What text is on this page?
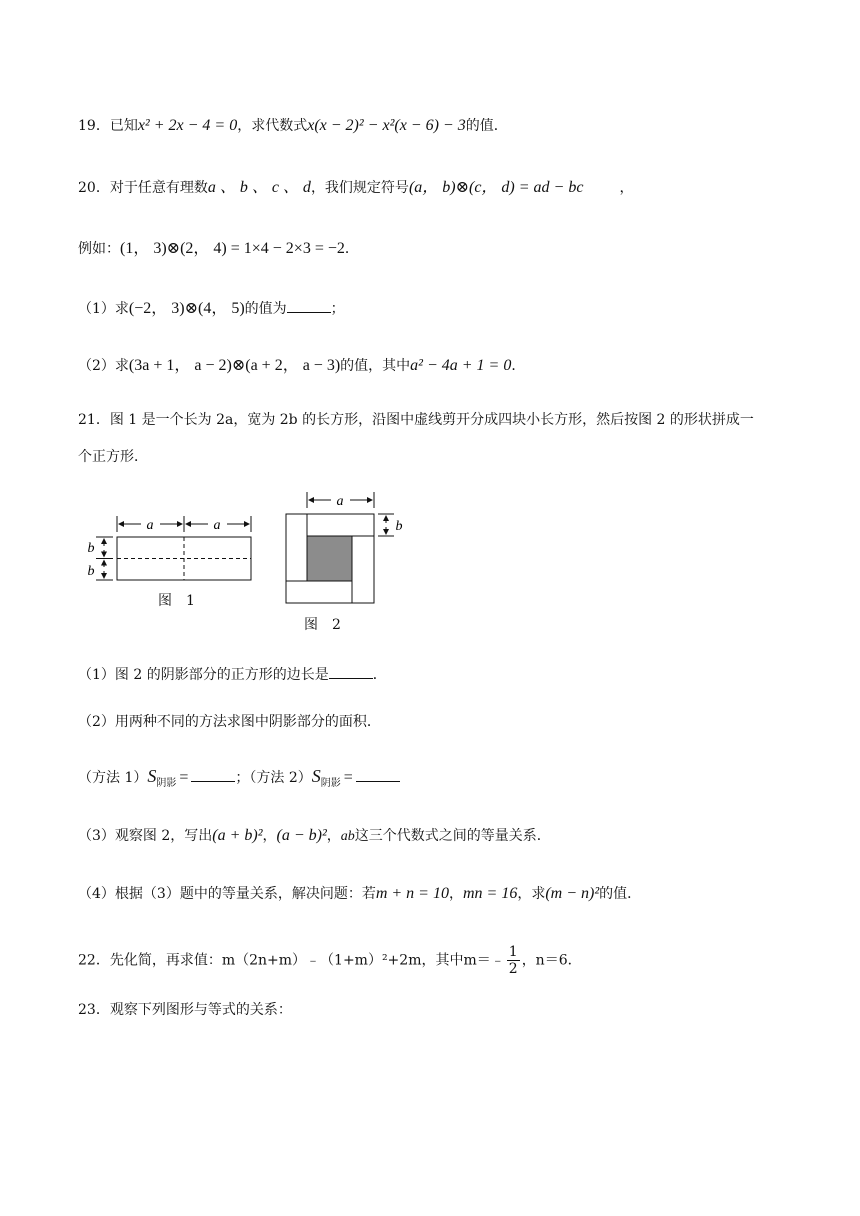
19．已知x² + 2x − 4 = 0，求代数式x(x − 2)² − x²(x − 6) − 3的值．
20．对于任意有理数a 、 b 、 c 、 d，我们规定符号(a， b)⊗(c， d) = ad − bc	，
例如：(1， 3)⊗(2， 4) = 1×4 − 2×3 = −2．
（1）求(−2， 3)⊗(4， 5)的值为	；
（2）求(3a + 1， a − 2)⊗(a + 2， a − 3)的值，其中a² − 4a + 1 = 0．
21．图 1 是一个长为 2a，宽为 2b 的长方形，沿图中虚线剪开分成四块小长方形，然后按图 2 的形状拼成一
个正方形．
a	a
b
b
a
b
图　1
图　2
（1）图 2 的阴影部分的正方形的边长是	．
（2）用两种不同的方法求图中阴影部分的面积．
（方法 $1)S_{阴影}$ =	；（方法 $2)S_{阴影}$ =
（3）观察图 2，写出(a + b)²，(a − b)²，ab这三个代数式之间的等量关系．
（4）根据（3）题中的等量关系，解决问题：若m + n = 10，mn = 16，求(m − n)²的值．
22．先化简，再求值：m（2n+m）﹣（1+m）²+2m，其中m＝﹣ $\frac{1}{2}$ ，n＝6．
23．观察下列图形与等式的关系：
